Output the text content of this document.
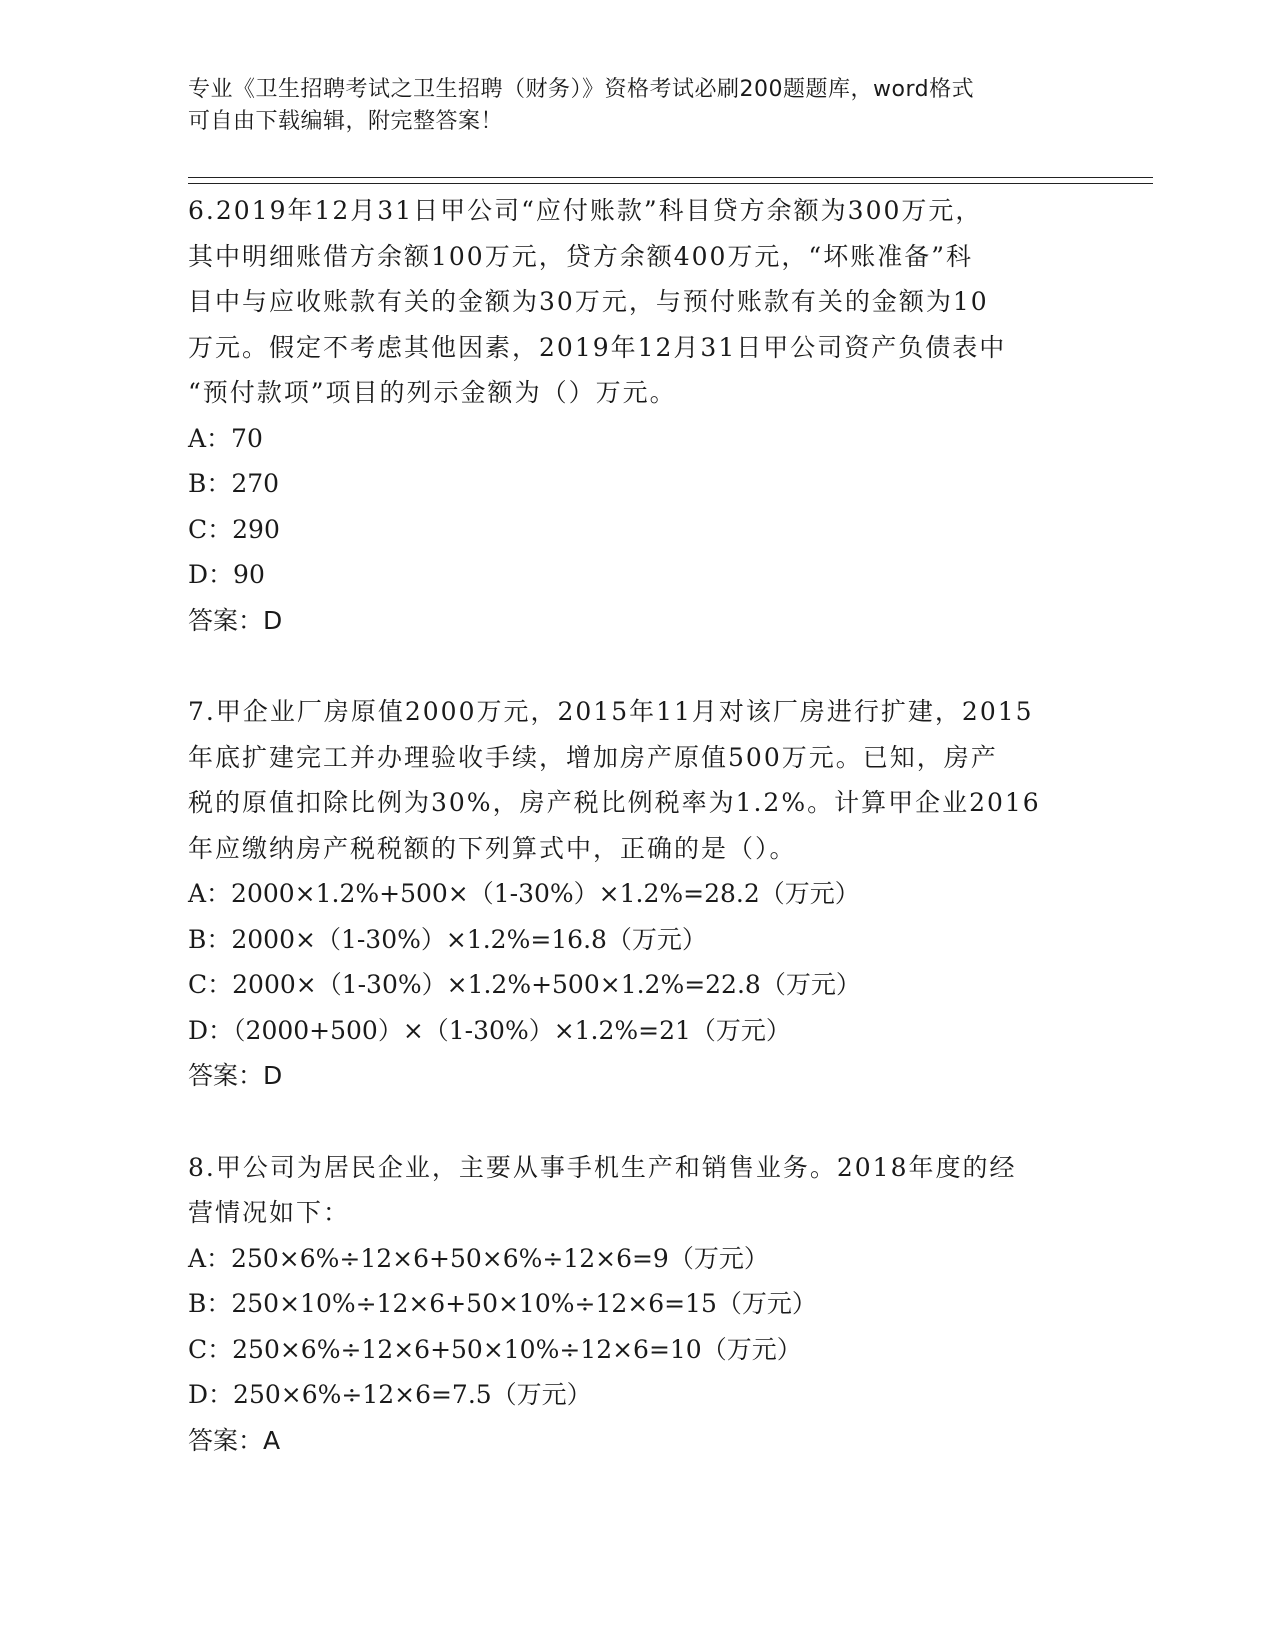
专业《卫生招聘考试之卫生招聘（财务）》资格考试必刷200题题库，word格式
可自由下载编辑，附完整答案！
6.2019年12月31日甲公司“应付账款”科目贷方余额为300万元，
其中明细账借方余额100万元，贷方余额400万元，“坏账准备”科
目中与应收账款有关的金额为30万元，与预付账款有关的金额为10
万元。假定不考虑其他因素，2019年12月31日甲公司资产负债表中
“预付款项”项目的列示金额为（）万元。
A：70
B：270
C：290
D：90
答案：D
7.甲企业厂房原值2000万元，2015年11月对该厂房进行扩建，2015
年底扩建完工并办理验收手续，增加房产原值500万元。已知，房产
税的原值扣除比例为30%，房产税比例税率为1.2%。计算甲企业2016
年应缴纳房产税税额的下列算式中，正确的是（）。
A：2000×1.2%+500×（1-30%）×1.2%=28.2（万元）
B：2000×（1-30%）×1.2%=16.8（万元）
C：2000×（1-30%）×1.2%+500×1.2%=22.8（万元）
D：（2000+500）×（1-30%）×1.2%=21（万元）
答案：D
8.甲公司为居民企业，主要从事手机生产和销售业务。2018年度的经
营情况如下：
A：250×6%÷12×6+50×6%÷12×6=9（万元）
B：250×10%÷12×6+50×10%÷12×6=15（万元）
C：250×6%÷12×6+50×10%÷12×6=10（万元）
D：250×6%÷12×6=7.5（万元）
答案：A
